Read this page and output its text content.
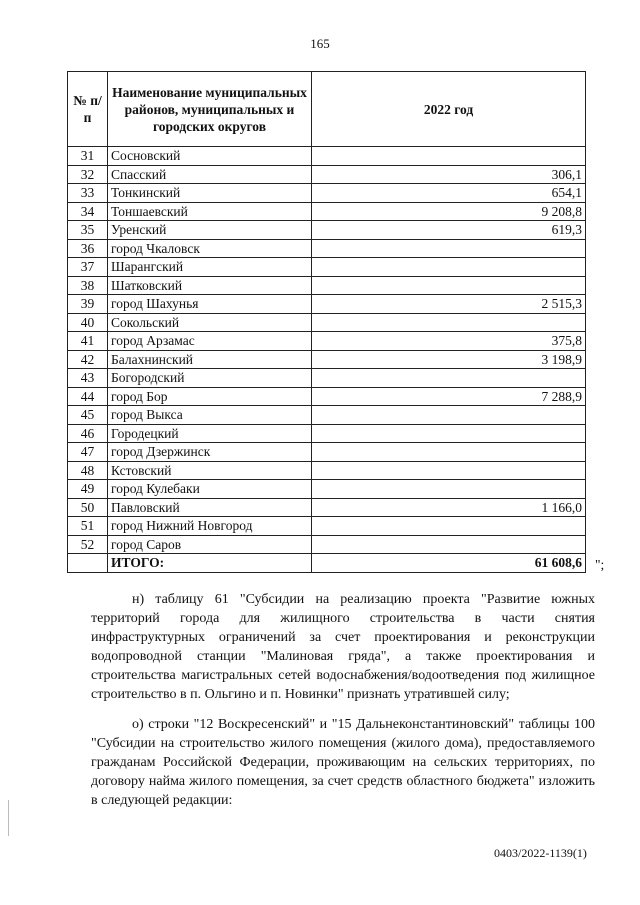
165
№ п/п	Наименование муниципальных районов, муниципальных и городских округов	2022 год
31	Сосновский	
32	Спасский	306,1
33	Тонкинский	654,1
34	Тоншаевский	9 208,8
35	Уренский	619,3
36	город Чкаловск	
37	Шарангский	
38	Шатковский	
39	город Шахунья	2 515,3
40	Сокольский	
41	город Арзамас	375,8
42	Балахнинский	3 198,9
43	Богородский	
44	город Бор	7 288,9
45	город Выкса	
46	Городецкий	
47	город Дзержинск	
48	Кстовский	
49	город Кулебаки	
50	Павловский	1 166,0
51	город Нижний Новгород	
52	город Саров	
	ИТОГО:	61 608,6 ";

н) таблицу 61 "Субсидии на реализацию проекта "Развитие южных территорий города для жилищного строительства в части снятия инфраструктурных ограничений за счет проектирования и реконструкции водопроводной станции "Малиновая гряда", а также проектирования и строительства магистральных сетей водоснабжения/водоотведения под жилищное строительство в п. Ольгино и п. Новинки" признать утратившей силу;

о) строки "12 Воскресенский" и "15 Дальнеконстантиновский" таблицы 100 "Субсидии на строительство жилого помещения (жилого дома), предоставляемого гражданам Российской Федерации, проживающим на сельских территориях, по договору найма жилого помещения, за счет средств областного бюджета" изложить в следующей редакции:

0403/2022-1139(1)
